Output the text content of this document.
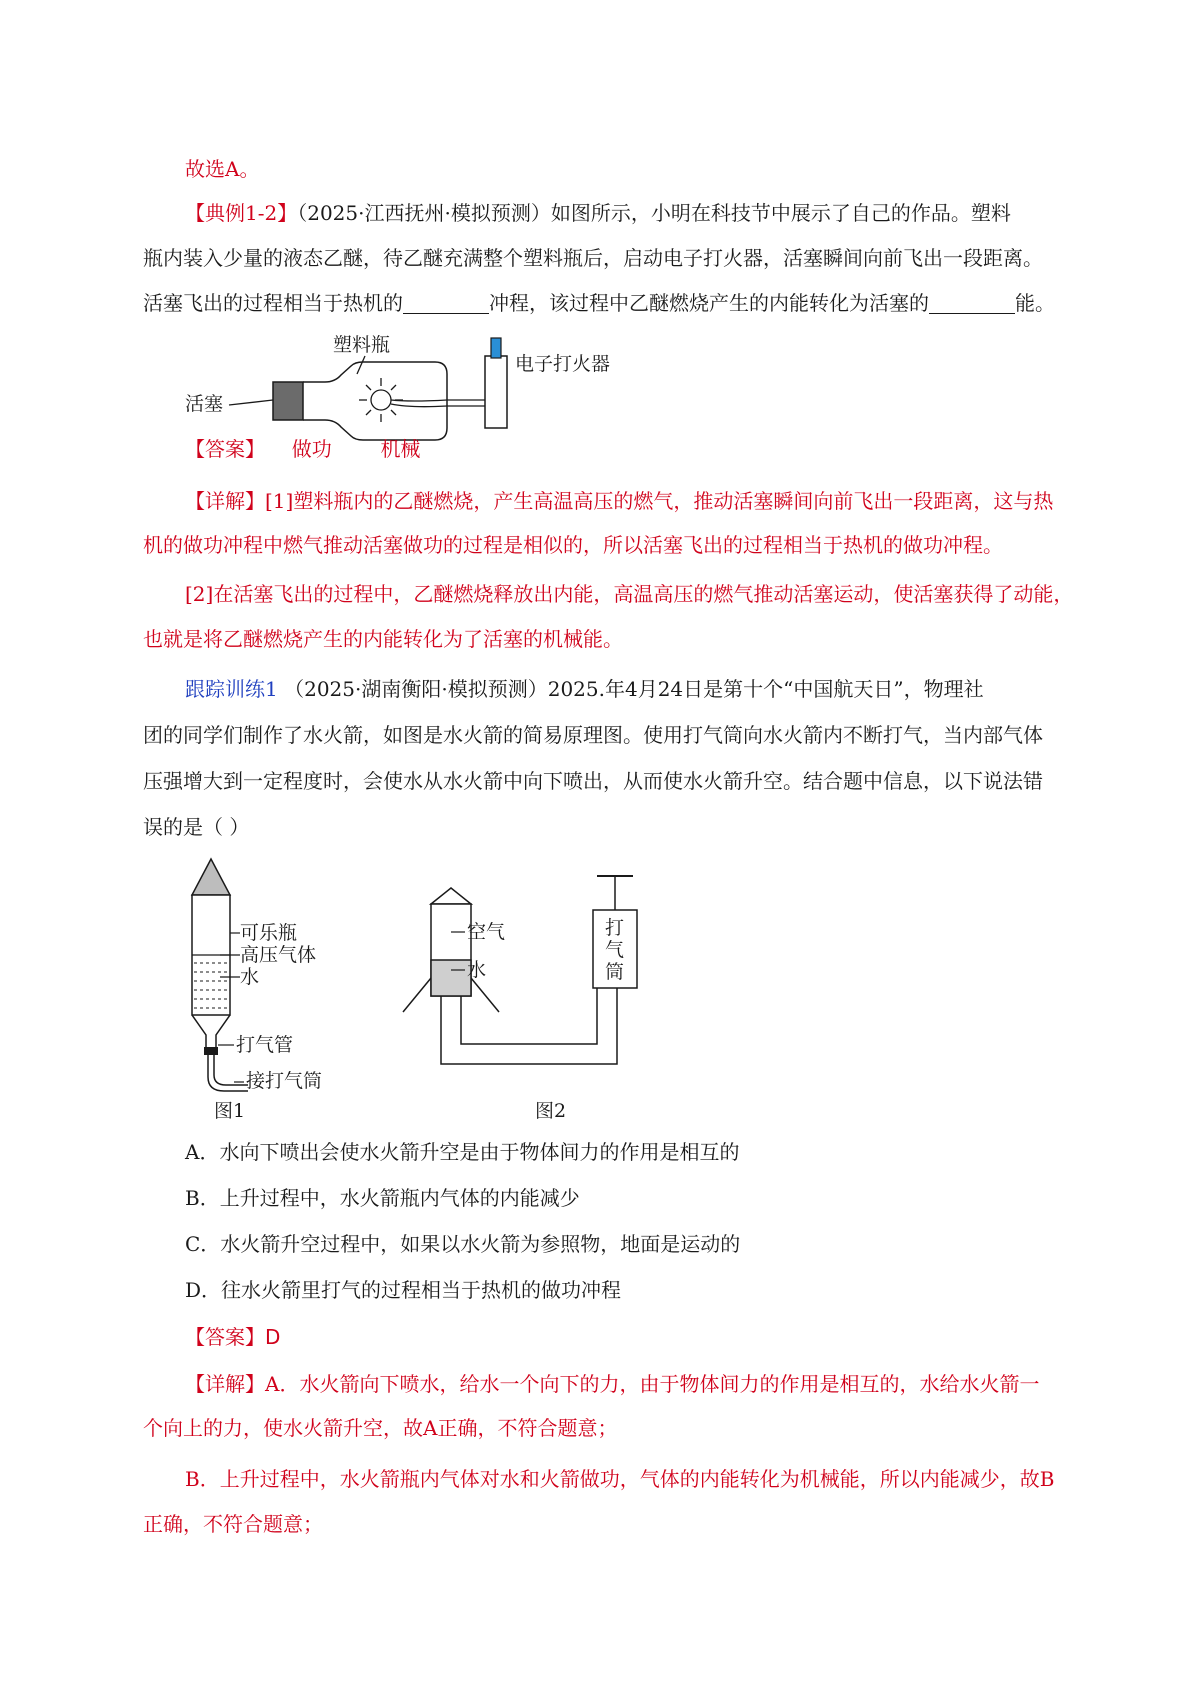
故选A。
【典例1-2】（2025·江西抚州·模拟预测）如图所示，小明在科技节中展示了自己的作品。塑料
瓶内装入少量的液态乙醚，待乙醚充满整个塑料瓶后，启动电子打火器，活塞瞬间向前飞出一段距离。
活塞飞出的过程相当于热机的	冲程，该过程中乙醚燃烧产生的内能转化为活塞的	能。
塑料瓶
电子打火器
活塞
【答案】 做功 机械
【详解】[1]塑料瓶内的乙醚燃烧，产生高温高压的燃气，推动活塞瞬间向前飞出一段距离，这与热
机的做功冲程中燃气推动活塞做功的过程是相似的，所以活塞飞出的过程相当于热机的做功冲程。
[2]在活塞飞出的过程中，乙醚燃烧释放出内能，高温高压的燃气推动活塞运动，使活塞获得了动能，
也就是将乙醚燃烧产生的内能转化为了活塞的机械能。
跟踪训练1 （2025·湖南衡阳·模拟预测）2025.年4月24日是第十个“中国航天日”，物理社
团的同学们制作了水火箭，如图是水火箭的简易原理图。使用打气筒向水火箭内不断打气，当内部气体
压强增大到一定程度时，会使水从水火箭中向下喷出，从而使水火箭升空。结合题中信息，以下说法错
误的是（ ）
可乐瓶
高压气体
水
打气管
接打气筒
图1
打
气
筒
空气
水
图2
A．水向下喷出会使水火箭升空是由于物体间力的作用是相互的
B．上升过程中，水火箭瓶内气体的内能减少
C．水火箭升空过程中，如果以水火箭为参照物，地面是运动的
D．往水火箭里打气的过程相当于热机的做功冲程
【答案】D
【详解】A．水火箭向下喷水，给水一个向下的力，由于物体间力的作用是相互的，水给水火箭一
个向上的力，使水火箭升空，故A正确，不符合题意；
B．上升过程中，水火箭瓶内气体对水和火箭做功，气体的内能转化为机械能，所以内能减少，故B
正确，不符合题意；
